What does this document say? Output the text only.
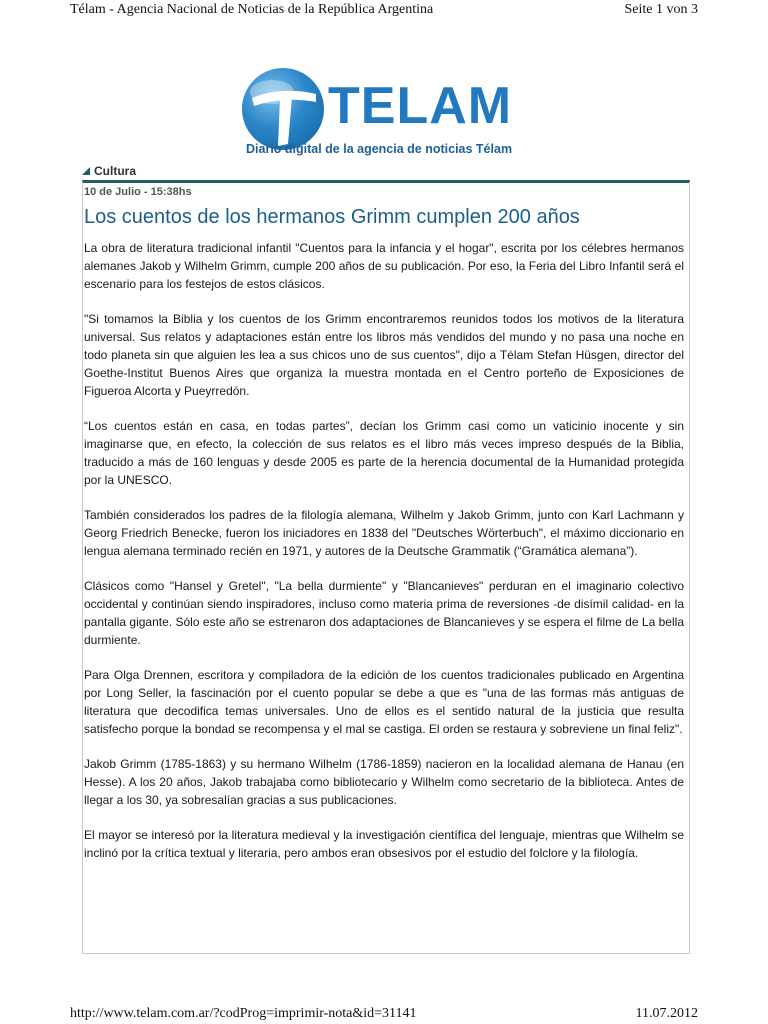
Télam - Agencia Nacional de Noticias de la República Argentina	Seite 1 von 3
TELAM
Diario digital de la agencia de noticias Télam
Cultura
10 de Julio - 15:38hs
Los cuentos de los hermanos Grimm cumplen 200 años

La obra de literatura tradicional infantil "Cuentos para la infancia y el hogar", escrita por los célebres hermanos alemanes Jakob y Wilhelm Grimm, cumple 200 años de su publicación. Por eso, la Feria del Libro Infantil será el escenario para los festejos de estos clásicos.

"Si tomamos la Biblia y los cuentos de los Grimm encontraremos reunidos todos los motivos de la literatura universal. Sus relatos y adaptaciones están entre los libros más vendidos del mundo y no pasa una noche en todo planeta sin que alguien les lea a sus chicos uno de sus cuentos", dijo a Télam Stefan Hüsgen, director del Goethe-Institut Buenos Aires que organiza la muestra montada en el Centro porteño de Exposiciones de Figueroa Alcorta y Pueyrredón.

“Los cuentos están en casa, en todas partes”, decían los Grimm casi como un vaticinio inocente y sin imaginarse que, en efecto, la colección de sus relatos es el libro más veces impreso después de la Biblia, traducido a más de 160 lenguas y desde 2005 es parte de la herencia documental de la Humanidad protegida por la UNESCO.

También considerados los padres de la filología alemana, Wilhelm y Jakob Grimm, junto con Karl Lachmann y Georg Friedrich Benecke, fueron los iniciadores en 1838 del "Deutsches Wörterbuch", el máximo diccionario en lengua alemana terminado recién en 1971, y autores de la Deutsche Grammatik (“Gramática alemana”).

Clásicos como "Hansel y Gretel", "La bella durmiente" y "Blancanieves" perduran en el imaginario colectivo occidental y continúan siendo inspiradores, incluso como materia prima de reversiones -de disímil calidad- en la pantalla gigante. Sólo este año se estrenaron dos adaptaciones de Blancanieves y se espera el filme de La bella durmiente.

Para Olga Drennen, escritora y compiladora de la edición de los cuentos tradicionales publicado en Argentina por Long Seller, la fascinación por el cuento popular se debe a que es "una de las formas más antiguas de literatura que decodifica temas universales. Uno de ellos es el sentido natural de la justicia que resulta satisfecho porque la bondad se recompensa y el mal se castiga. El orden se restaura y sobreviene un final feliz".

Jakob Grimm (1785-1863) y su hermano Wilhelm (1786-1859) nacieron en la localidad alemana de Hanau (en Hesse). A los 20 años, Jakob trabajaba como bibliotecario y Wilhelm como secretario de la biblioteca. Antes de llegar a los 30, ya sobresalían gracias a sus publicaciones.

El mayor se interesó por la literatura medieval y la investigación científica del lenguaje, mientras que Wilhelm se inclinó por la crítica textual y literaria, pero ambos eran obsesivos por el estudio del folclore y la filología.

http://www.telam.com.ar/?codProg=imprimir-nota&id=31141	11.07.2012
